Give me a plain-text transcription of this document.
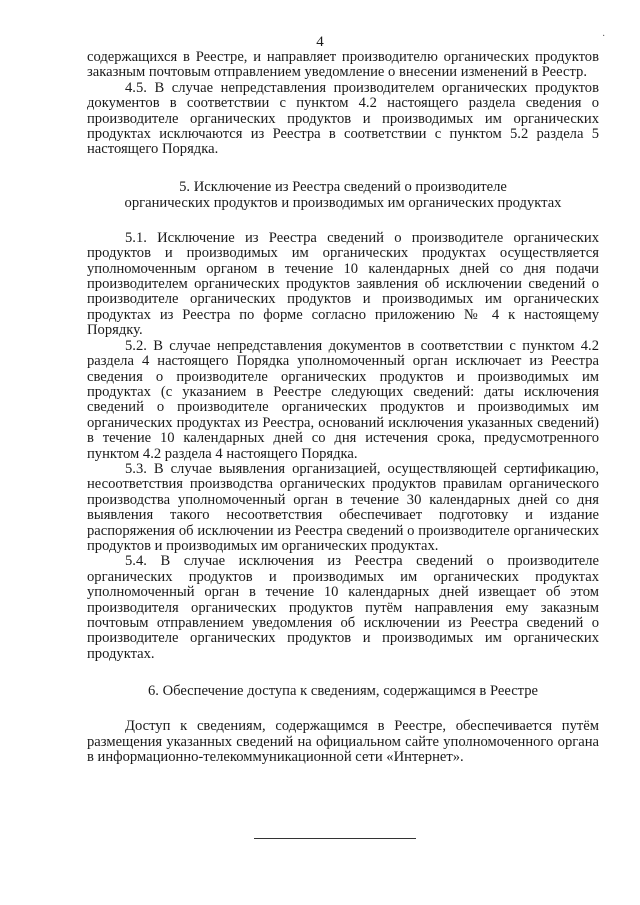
4	·

содержащихся в Реестре, и направляет производителю органических продуктов заказным почтовым отправлением уведомление о внесении изменений в Реестр.

4.5. В случае непредставления производителем органических продуктов документов в соответствии с пунктом 4.2 настоящего раздела сведения о производителе органических продуктов и производимых им органических продуктах исключаются из Реестра в соответствии с пунктом 5.2 раздела 5 настоящего Порядка.

5. Исключение из Реестра сведений о производителе

органических продуктов и производимых им органических продуктах

5.1. Исключение из Реестра сведений о производителе органических продуктов и производимых им органических продуктах осуществляется уполномоченным органом в течение 10 календарных дней со дня подачи производителем органических продуктов заявления об исключении сведений о производителе органических продуктов и производимых им органических продуктах из Реестра по форме согласно приложению № 4 к настоящему Порядку.

5.2. В случае непредставления документов в соответствии с пунктом 4.2 раздела 4 настоящего Порядка уполномоченный орган исключает из Реестра сведения о производителе органических продуктов и производимых им продуктах (с указанием в Реестре следующих сведений: даты исключения сведений о производителе органических продуктов и производимых им органических продуктах из Реестра, оснований исключения указанных сведений) в течение 10 календарных дней со дня истечения срока, предусмотренного пунктом 4.2 раздела 4 настоящего Порядка.

5.3. В случае выявления организацией, осуществляющей сертификацию, несоответствия производства органических продуктов правилам органического производства уполномоченный орган в течение 30 календарных дней со дня выявления такого несоответствия обеспечивает подготовку и издание распоряжения об исключении из Реестра сведений о производителе органических продуктов и производимых им органических продуктах.

5.4. В случае исключения из Реестра сведений о производителе органических продуктов и производимых им органических продуктах уполномоченный орган в течение 10 календарных дней извещает об этом производителя органических продуктов путём направления ему заказным почтовым отправлением уведомления об исключении из Реестра сведений о производителе органических продуктов и производимых им органических продуктах.

6. Обеспечение доступа к сведениям, содержащимся в Реестре

Доступ к сведениям, содержащимся в Реестре, обеспечивается путём размещения указанных сведений на официальном сайте уполномоченного органа в информационно-телекоммуникационной сети «Интернет».
